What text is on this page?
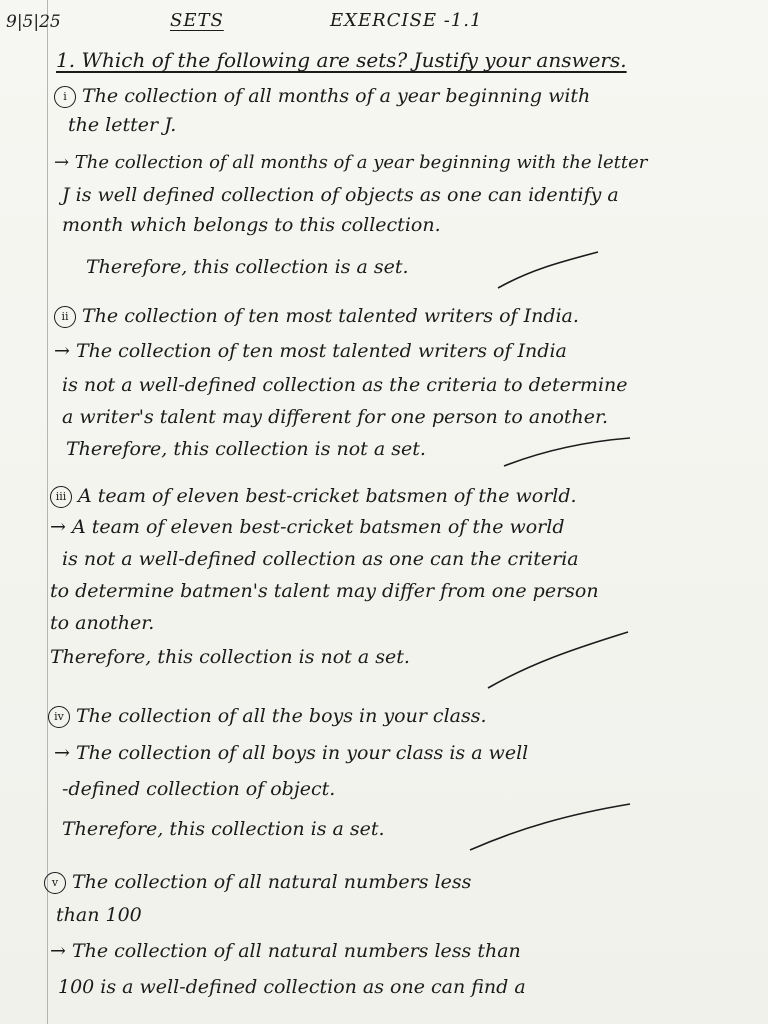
9|5|25	SETS	EXERCISE -1.1
1. Which of the following are sets? Justify your answers.
i The collection of all months of a year beginning with
the letter J.
→ The collection of all months of a year beginning with the letter
J is well defined collection of objects as one can identify a
month which belongs to this collection.
Therefore, this collection is a set.
ii The collection of ten most talented writers of India.
→ The collection of ten most talented writers of India
is not a well-defined collection as the criteria to determine
a writer's talent may different for one person to another.
Therefore, this collection is not a set.
iii A team of eleven best-cricket batsmen of the world.
→ A team of eleven best-cricket batsmen of the world
is not a well-defined collection as one can the criteria
to determine batmen's talent may differ from one person
to another.
Therefore, this collection is not a set.
iv The collection of all the boys in your class.
→ The collection of all boys in your class is a well
-defined collection of object.
Therefore, this collection is a set.
v The collection of all natural numbers less
than 100
→ The collection of all natural numbers less than
100 is a well-defined collection as one can find a
